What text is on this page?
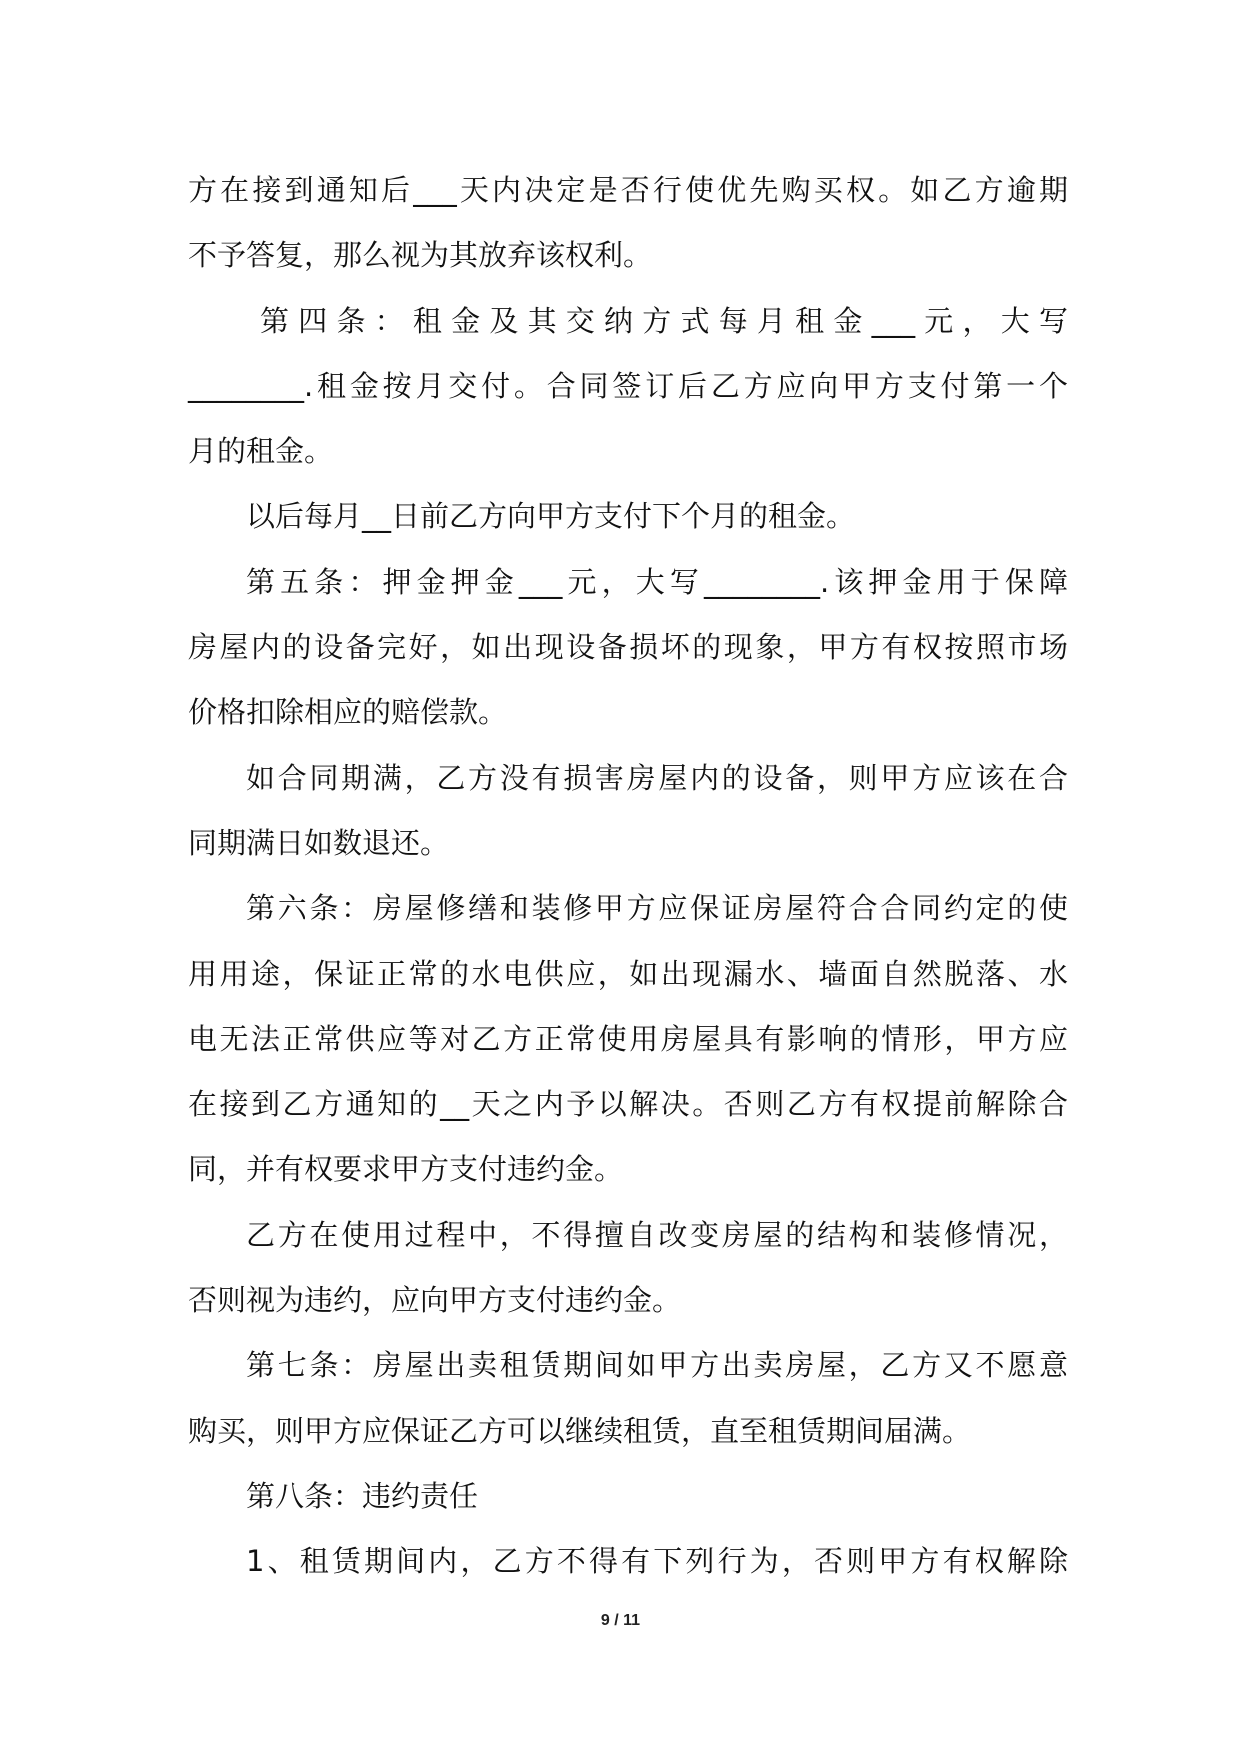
方在接到通知后___天内决定是否行使优先购买权。如乙方逾期
不予答复，那么视为其放弃该权利。
第四条：租金及其交纳方式每月租金___元，大写
________.租金按月交付。合同签订后乙方应向甲方支付第一个
月的租金。
以后每月__日前乙方向甲方支付下个月的租金。
第五条：押金押金___元，大写________.该押金用于保障
房屋内的设备完好，如出现设备损坏的现象，甲方有权按照市场
价格扣除相应的赔偿款。
如合同期满，乙方没有损害房屋内的设备，则甲方应该在合
同期满日如数退还。
第六条：房屋修缮和装修甲方应保证房屋符合合同约定的使
用用途，保证正常的水电供应，如出现漏水、墙面自然脱落、水
电无法正常供应等对乙方正常使用房屋具有影响的情形，甲方应
在接到乙方通知的__天之内予以解决。否则乙方有权提前解除合
同，并有权要求甲方支付违约金。
乙方在使用过程中，不得擅自改变房屋的结构和装修情况，
否则视为违约，应向甲方支付违约金。
第七条：房屋出卖租赁期间如甲方出卖房屋，乙方又不愿意
购买，则甲方应保证乙方可以继续租赁，直至租赁期间届满。
第八条：违约责任
1、租赁期间内，乙方不得有下列行为，否则甲方有权解除
9 / 11
